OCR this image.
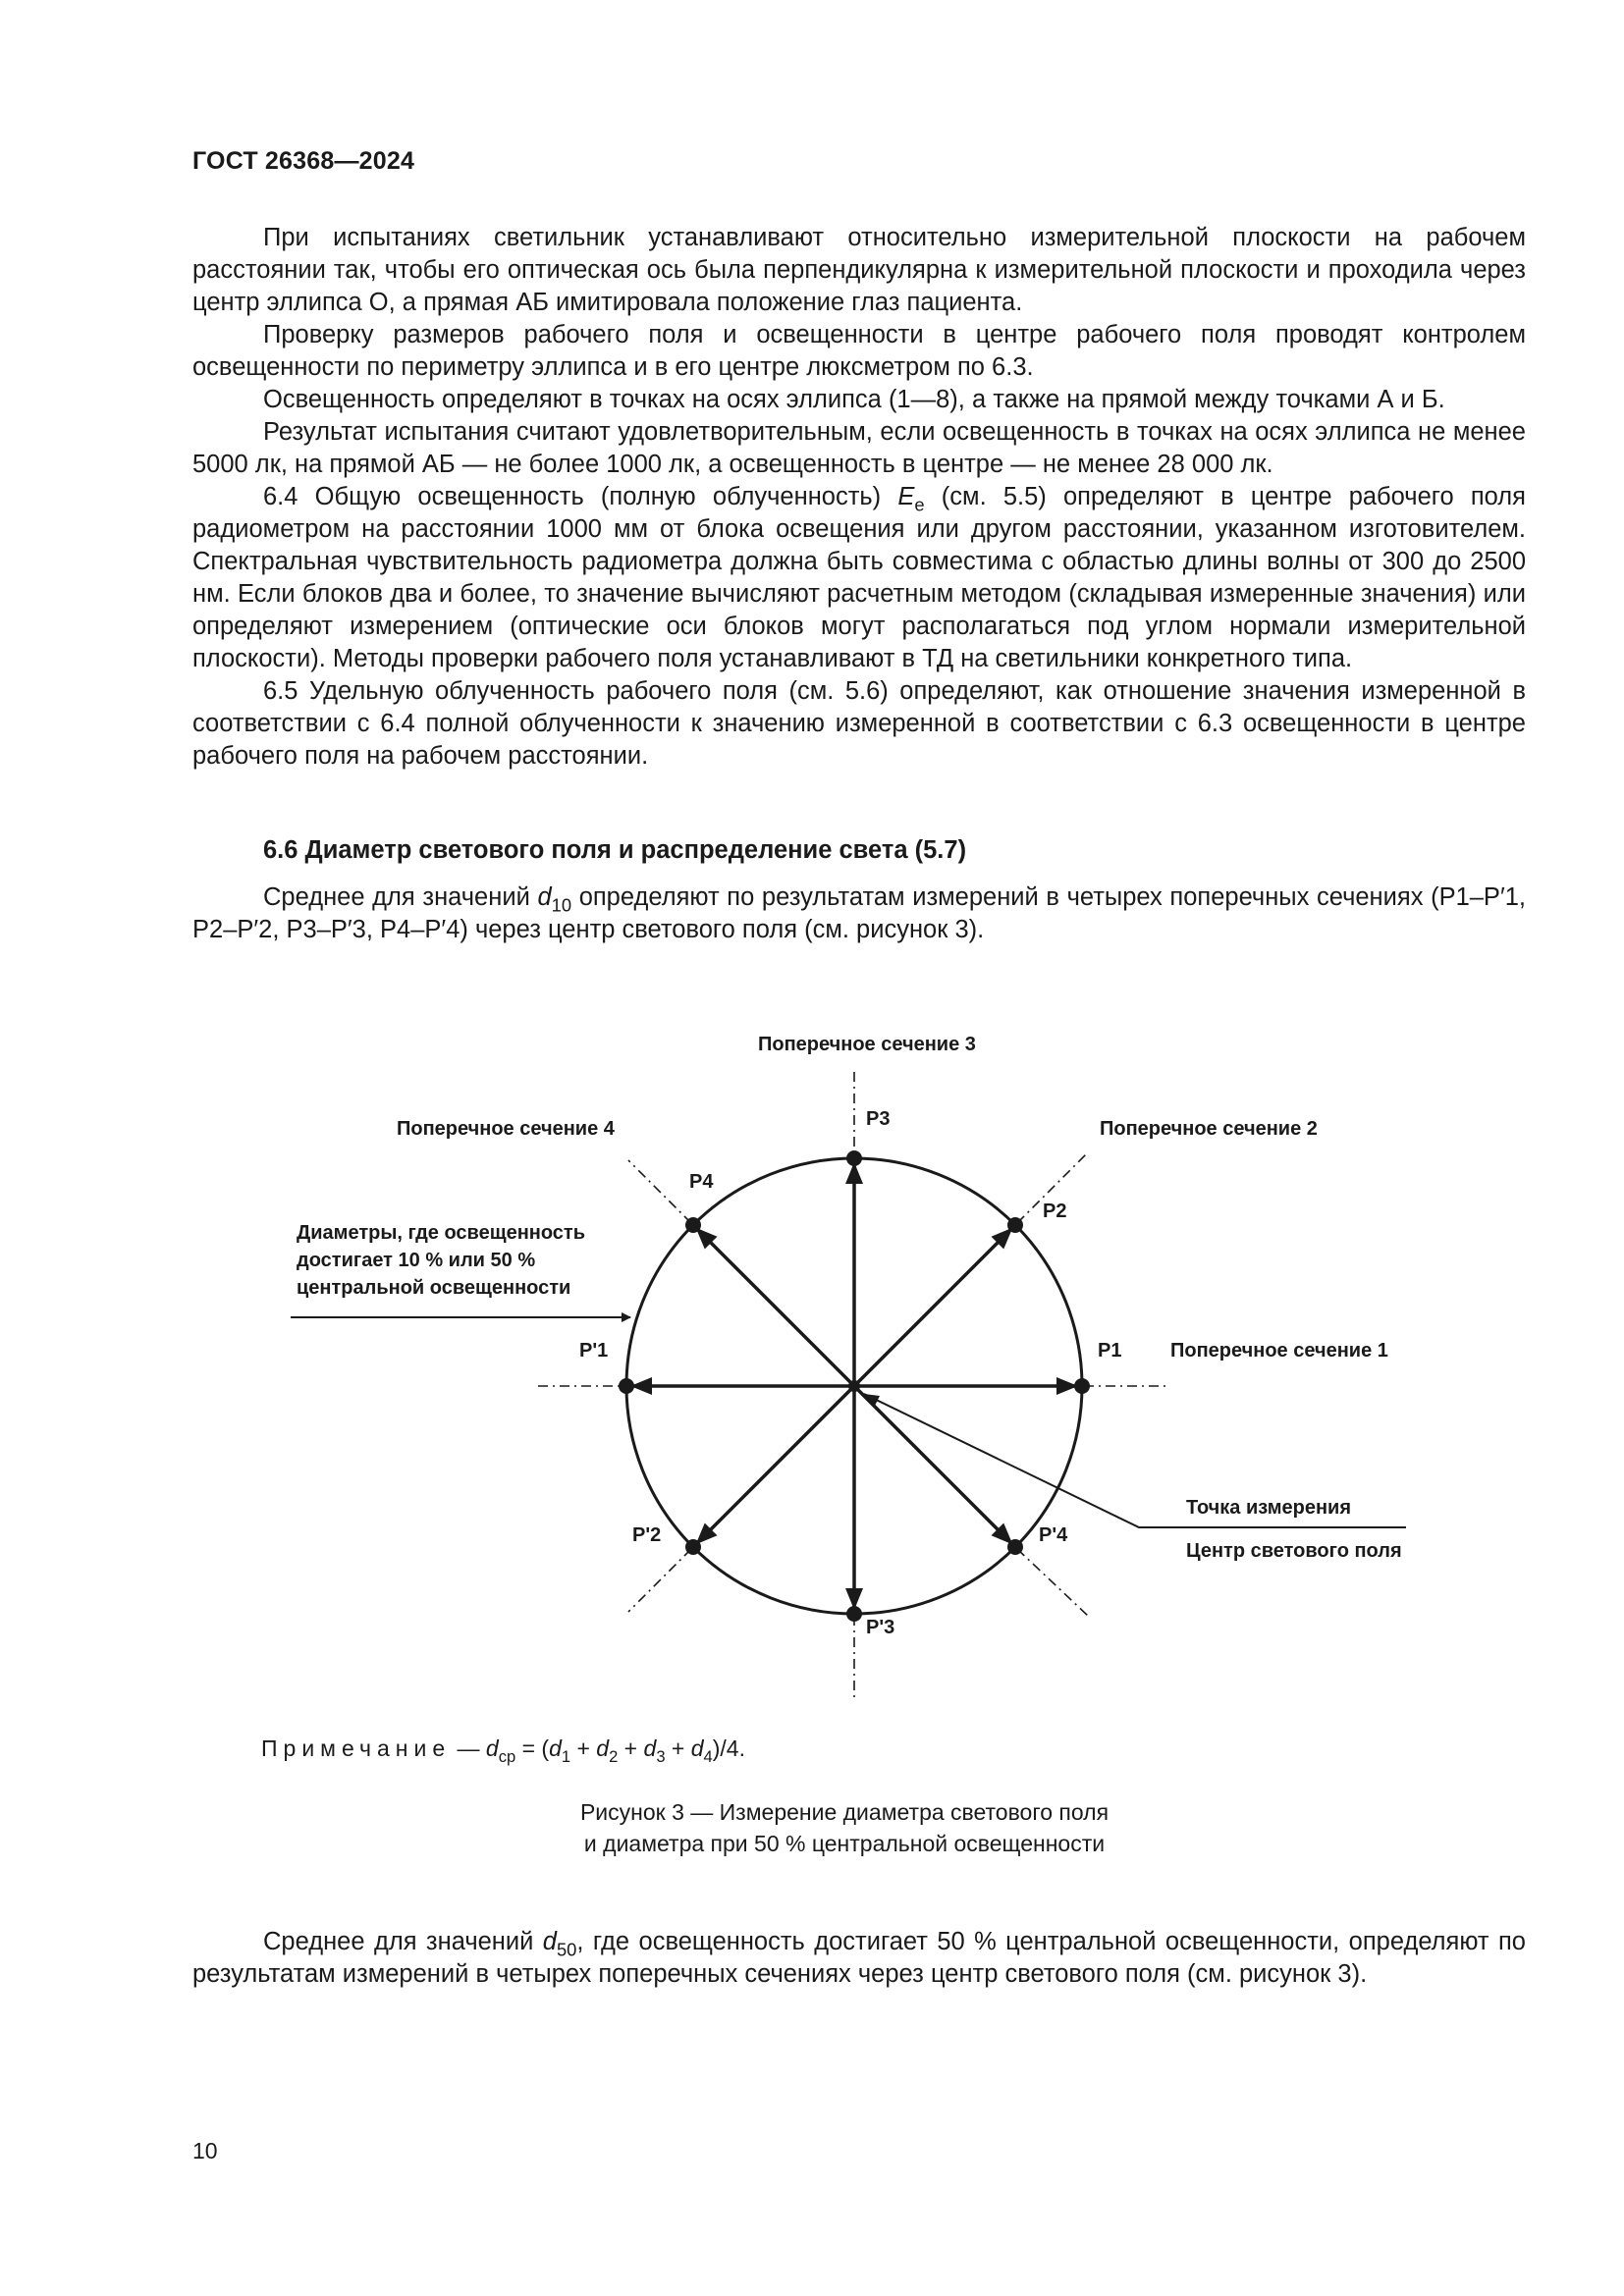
ГОСТ 26368—2024

При испытаниях светильник устанавливают относительно измерительной плоскости на рабочем расстоянии так, чтобы его оптическая ось была перпендикулярна к измерительной плоскости и проходила через центр эллипса О, а прямая АБ имитировала положение глаз пациента.

Проверку размеров рабочего поля и освещенности в центре рабочего поля проводят контролем освещенности по периметру эллипса и в его центре люксметром по 6.3.

Освещенность определяют в точках на осях эллипса (1—8), а также на прямой между точками А и Б.

Результат испытания считают удовлетворительным, если освещенность в точках на осях эллипса не менее 5000 лк, на прямой АБ — не более 1000 лк, а освещенность в центре — не менее 28 000 лк.

6.4 Общую освещенность (полную облученность) $E_e$ (см. 5.5) определяют в центре рабочего поля радиометром на расстоянии 1000 мм от блока освещения или другом расстоянии, указанном изготовителем. Спектральная чувствительность радиометра должна быть совместима с областью длины волны от 300 до 2500 нм. Если блоков два и более, то значение вычисляют расчетным методом (складывая измеренные значения) или определяют измерением (оптические оси блоков могут располагаться под углом нормали измерительной плоскости). Методы проверки рабочего поля устанавливают в ТД на светильники конкретного типа.

6.5 Удельную облученность рабочего поля (см. 5.6) определяют, как отношение значения измеренной в соответствии с 6.4 полной облученности к значению измеренной в соответствии с 6.3 освещенности в центре рабочего поля на рабочем расстоянии.

6.6 Диаметр светового поля и распределение света (5.7)

Среднее для значений $d_{10}$ определяют по результатам измерений в четырех поперечных сечениях (P1–P′1, P2–P′2, P3–P′3, P4–P′4) через центр светового поля (см. рисунок 3).

Поперечное сечение 3
Поперечное сечение 4	Поперечное сечение 2
Поперечное сечение 1
Диаметры, где освещенность
достигает 10 % или 50 %
центральной освещенности
Точка измерения
Центр светового поля
P3
P2
P4
P'1	P1
P'2	P'4
P'3
Примечание — $d_{ср} = (d_1 + d_2 + d_3 + d_4)/4$.
Рисунок 3 — Измерение диаметра светового поля
и диаметра при 50 % центральной освещенности

Среднее для значений $d_{50}$, где освещенность достигает 50 % центральной освещенности, определяют по результатам измерений в четырех поперечных сечениях через центр светового поля (см. рисунок 3).

10
